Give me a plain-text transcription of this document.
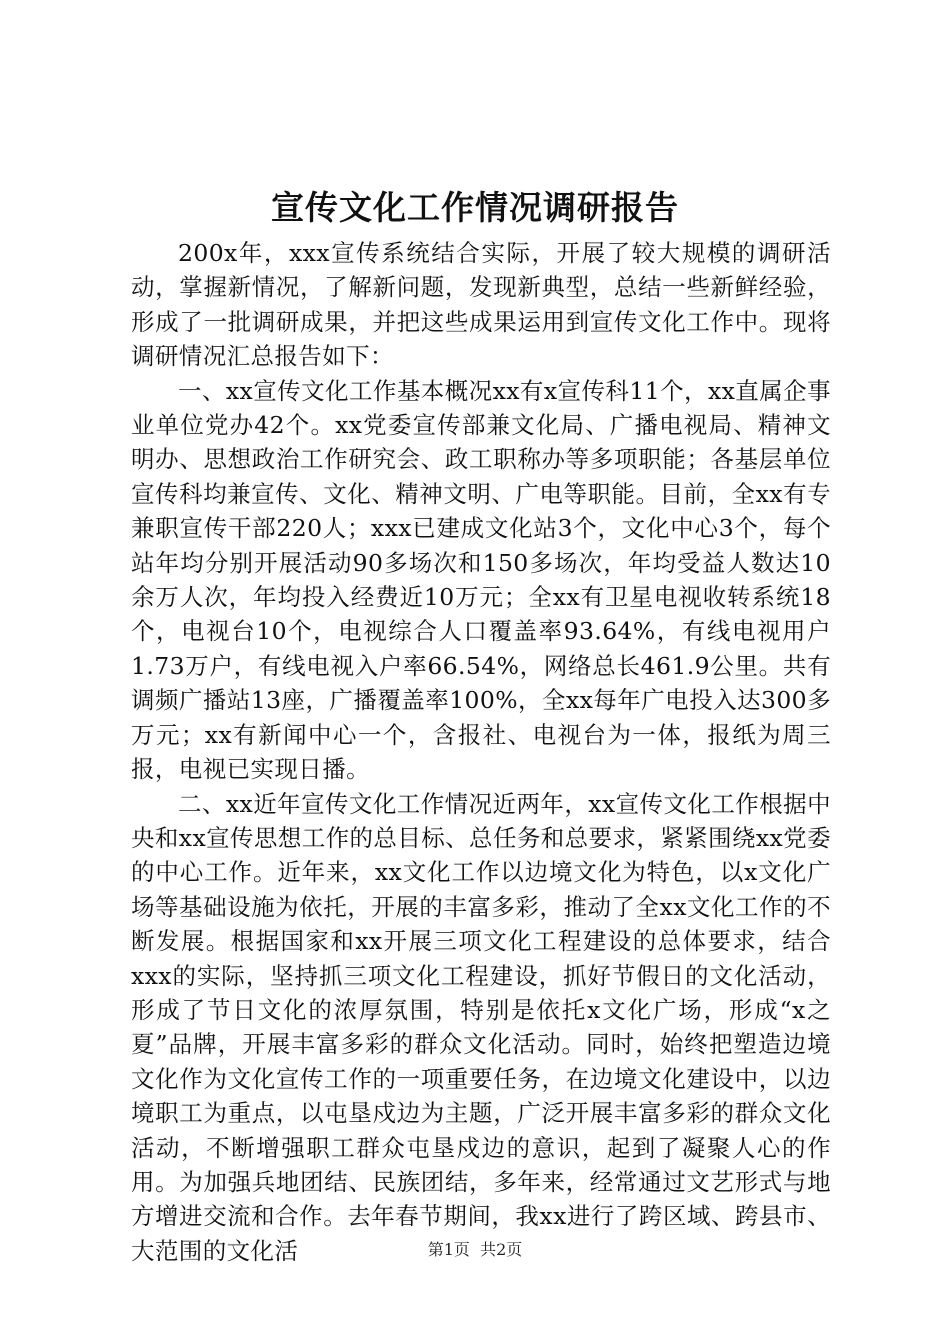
宣传文化工作情况调研报告

200x年，xxx宣传系统结合实际，开展了较大规模的调研活动，掌握新情况，了解新问题，发现新典型，总结一些新鲜经验，形成了一批调研成果，并把这些成果运用到宣传文化工作中。现将调研情况汇总报告如下：

一、xx宣传文化工作基本概况xx有x宣传科11个，xx直属企事业单位党办42个。xx党委宣传部兼文化局、广播电视局、精神文明办、思想政治工作研究会、政工职称办等多项职能；各基层单位宣传科均兼宣传、文化、精神文明、广电等职能。目前，全xx有专兼职宣传干部220人；xxx已建成文化站3个，文化中心3个，每个站年均分别开展活动90多场次和150多场次，年均受益人数达10余万人次，年均投入经费近10万元；全xx有卫星电视收转系统18个，电视台10个，电视综合人口覆盖率93.64%，有线电视用户1.73万户，有线电视入户率66.54%，网络总长461.9公里。共有调频广播站13座，广播覆盖率100%，全xx每年广电投入达300多万元；xx有新闻中心一个，含报社、电视台为一体，报纸为周三报，电视已实现日播。

二、xx近年宣传文化工作情况近两年，xx宣传文化工作根据中央和xx宣传思想工作的总目标、总任务和总要求，紧紧围绕xx党委的中心工作。近年来，xx文化工作以边境文化为特色，以x文化广场等基础设施为依托，开展的丰富多彩，推动了全xx文化工作的不断发展。根据国家和xx开展三项文化工程建设的总体要求，结合xxx的实际，坚持抓三项文化工程建设，抓好节假日的文化活动，形成了节日文化的浓厚氛围，特别是依托x文化广场，形成“x之夏”品牌，开展丰富多彩的群众文化活动。同时，始终把塑造边境文化作为文化宣传工作的一项重要任务，在边境文化建设中，以边境职工为重点，以屯垦戍边为主题，广泛开展丰富多彩的群众文化活动，不断增强职工群众屯垦戍边的意识，起到了凝聚人心的作用。为加强兵地团结、民族团结，多年来，经常通过文艺形式与地方增进交流和合作。去年春节期间，我xx进行了跨区域、跨县市、大范围的文化活	第1页 共2页
